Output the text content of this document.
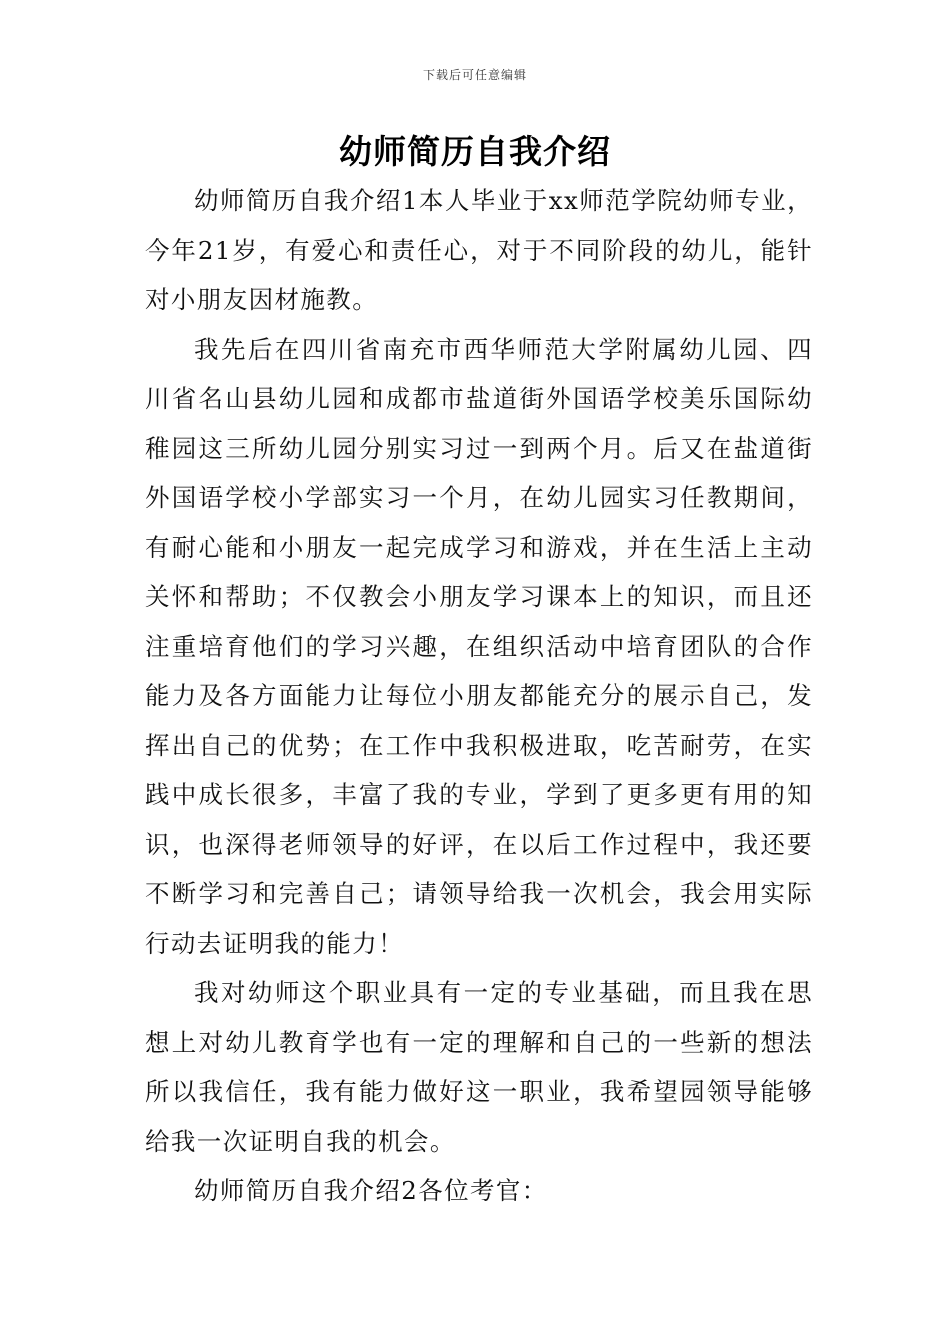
下载后可任意编辑
幼师简历自我介绍

幼师简历自我介绍1本人毕业于xx师范学院幼师专业，今年21岁，有爱心和责任心，对于不同阶段的幼儿，能针对小朋友因材施教。

我先后在四川省南充市西华师范大学附属幼儿园、四川省名山县幼儿园和成都市盐道街外国语学校美乐国际幼稚园这三所幼儿园分别实习过一到两个月。后又在盐道街外国语学校小学部实习一个月，在幼儿园实习任教期间，有耐心能和小朋友一起完成学习和游戏，并在生活上主动关怀和帮助；不仅教会小朋友学习课本上的知识，而且还注重培育他们的学习兴趣，在组织活动中培育团队的合作能力及各方面能力让每位小朋友都能充分的展示自己，发挥出自己的优势；在工作中我积极进取，吃苦耐劳，在实践中成长很多，丰富了我的专业，学到了更多更有用的知识，也深得老师领导的好评，在以后工作过程中，我还要不断学习和完善自己；请领导给我一次机会，我会用实际行动去证明我的能力！

我对幼师这个职业具有一定的专业基础，而且我在思想上对幼儿教育学也有一定的理解和自己的一些新的想法所以我信任，我有能力做好这一职业，我希望园领导能够给我一次证明自我的机会。

幼师简历自我介绍2各位考官：
